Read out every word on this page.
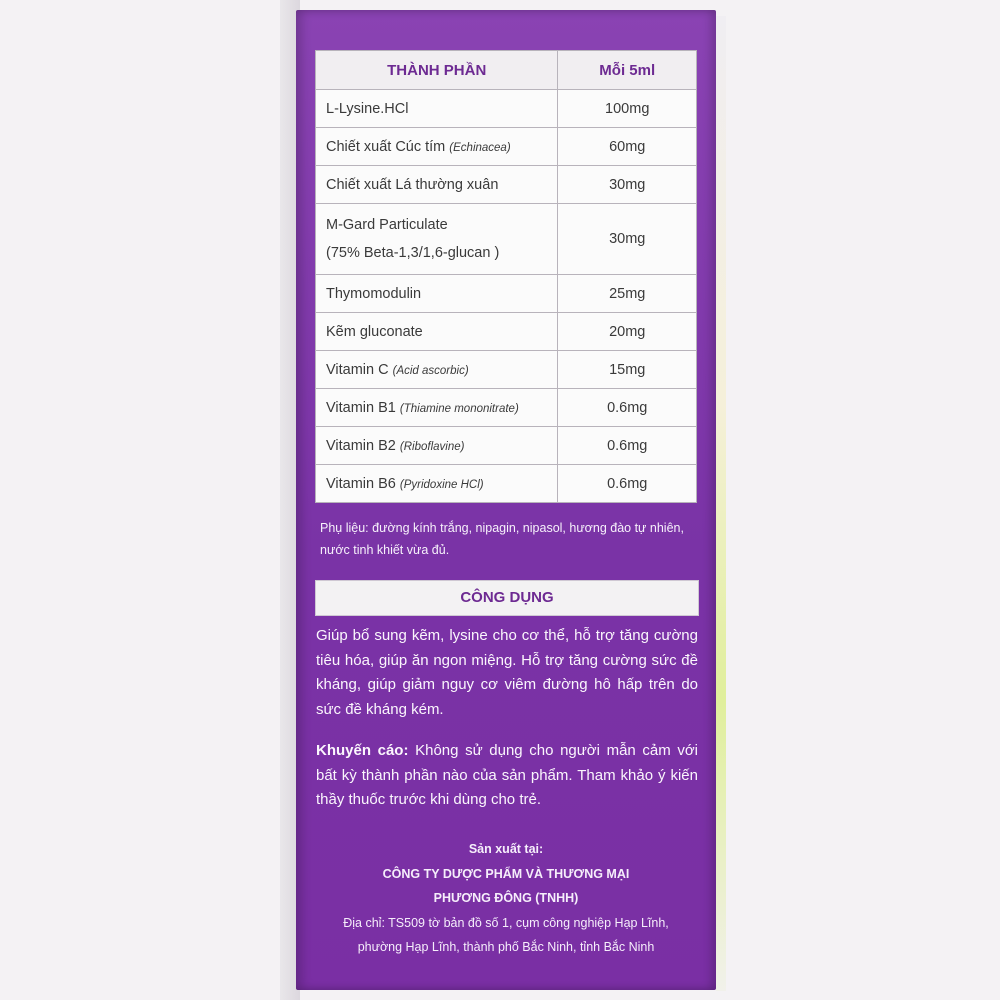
THÀNH PHẦN	Mỗi 5ml
L-Lysine.HCl	100mg
Chiết xuất Cúc tím (Echinacea)	60mg
Chiết xuất Lá thường xuân	30mg
M-Gard Particulate
(75% Beta-1,3/1,6-glucan )	30mg
Thymomodulin	25mg
Kẽm gluconate	20mg
Vitamin C (Acid ascorbic)	15mg
Vitamin B1 (Thiamine mononitrate)	0.6mg
Vitamin B2 (Riboflavine)	0.6mg
Vitamin B6 (Pyridoxine HCl)	0.6mg
Phụ liệu: đường kính trắng, nipagin, nipasol, hương đào tự nhiên, nước tinh khiết vừa đủ.
CÔNG DỤNG
Giúp bổ sung kẽm, lysine cho cơ thể, hỗ trợ tăng cường tiêu hóa, giúp ăn ngon miệng. Hỗ trợ tăng cường sức đề kháng, giúp giảm nguy cơ viêm đường hô hấp trên do sức đề kháng kém.
Khuyến cáo: Không sử dụng cho người mẫn cảm với bất kỳ thành phần nào của sản phẩm. Tham khảo ý kiến thầy thuốc trước khi dùng cho trẻ.
Sản xuất tại:
CÔNG TY DƯỢC PHẨM VÀ THƯƠNG MẠI
PHƯƠNG ĐÔNG (TNHH)
Địa chỉ: TS509 tờ bản đồ số 1, cụm công nghiệp Hạp Lĩnh,
phường Hạp Lĩnh, thành phố Bắc Ninh, tỉnh Bắc Ninh
